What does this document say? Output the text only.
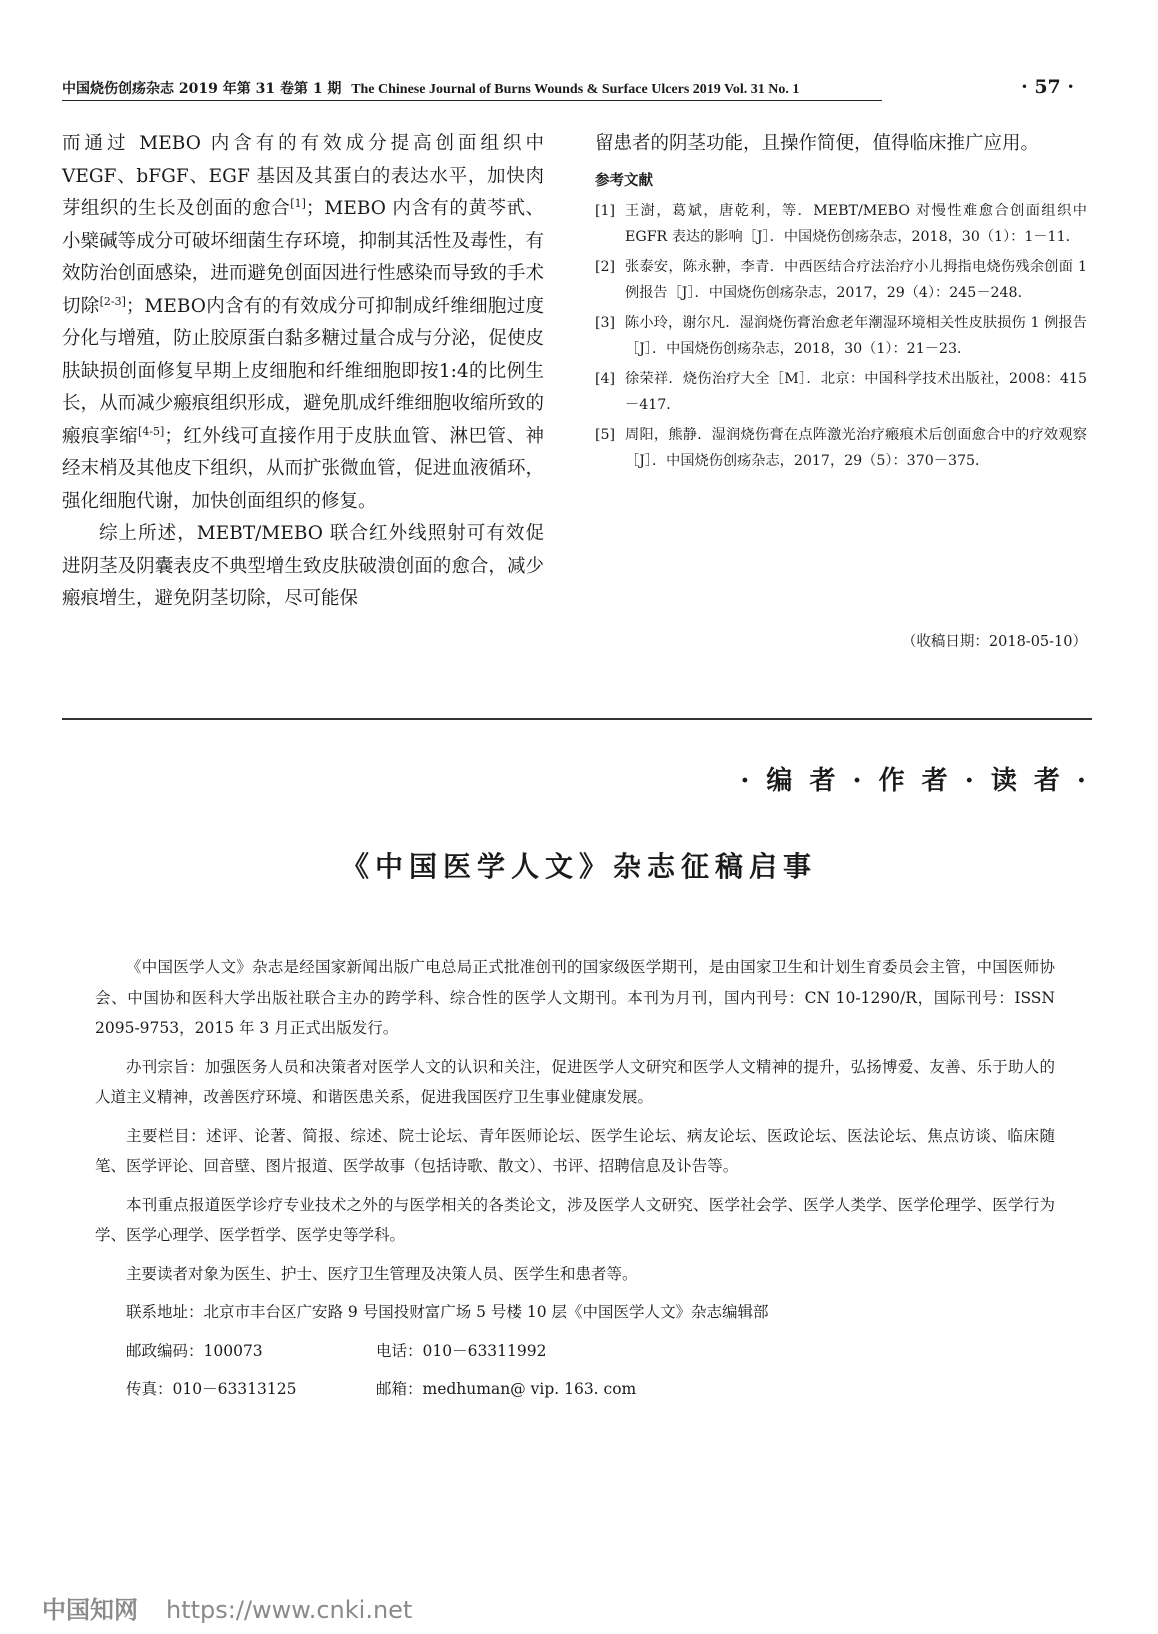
中国烧伤创疡杂志 2019 年第 31 卷第 1 期 The Chinese Journal of Burns Wounds & Surface Ulcers 2019 Vol. 31 No. 1	· 57 ·

而通过 MEBO 内含有的有效成分提高创面组织中 VEGF、bFGF、EGF 基因及其蛋白的表达水平，加快肉芽组织的生长及创面的愈合[1]；MEBO 内含有的黄芩甙、小檗碱等成分可破坏细菌生存环境，抑制其活性及毒性，有效防治创面感染，进而避免创面因进行性感染而导致的手术切除[2-3]；MEBO内含有的有效成分可抑制成纤维细胞过度分化与增殖，防止胶原蛋白黏多糖过量合成与分泌，促使皮肤缺损创面修复早期上皮细胞和纤维细胞即按1:4的比例生长，从而减少瘢痕组织形成，避免肌成纤维细胞收缩所致的瘢痕挛缩[4-5]；红外线可直接作用于皮肤血管、淋巴管、神经末梢及其他皮下组织，从而扩张微血管，促进血液循环，强化细胞代谢，加快创面组织的修复。

综上所述，MEBT/MEBO 联合红外线照射可有效促进阴茎及阴囊表皮不典型增生致皮肤破溃创面的愈合，减少瘢痕增生，避免阴茎切除，尽可能保

留患者的阴茎功能，且操作简便，值得临床推广应用。

参考文献
[1] 王澍，葛斌，唐乾利，等．MEBT/MEBO 对慢性难愈合创面组织中 EGFR 表达的影响［J］．中国烧伤创疡杂志，2018，30（1）：1－11．
[2] 张泰安，陈永翀，李青．中西医结合疗法治疗小儿拇指电烧伤残余创面 1 例报告［J］．中国烧伤创疡杂志，2017，29（4）：245－248．
[3] 陈小玲，谢尔凡．湿润烧伤膏治愈老年潮湿环境相关性皮肤损伤 1 例报告［J］．中国烧伤创疡杂志，2018，30（1）：21－23．
[4] 徐荣祥．烧伤治疗大全［M］．北京：中国科学技术出版社，2008：415－417．
[5] 周阳，熊静．湿润烧伤膏在点阵激光治疗瘢痕术后创面愈合中的疗效观察［J］．中国烧伤创疡杂志，2017，29（5）：370－375．
（收稿日期：2018-05-10）
· 编 者 · 作 者 · 读 者 ·
《中国医学人文》杂志征稿启事

《中国医学人文》杂志是经国家新闻出版广电总局正式批准创刊的国家级医学期刊，是由国家卫生和计划生育委员会主管，中国医师协会、中国协和医科大学出版社联合主办的跨学科、综合性的医学人文期刊。本刊为月刊，国内刊号：CN 10-1290/R，国际刊号：ISSN 2095-9753，2015 年 3 月正式出版发行。

办刊宗旨：加强医务人员和决策者对医学人文的认识和关注，促进医学人文研究和医学人文精神的提升，弘扬博爱、友善、乐于助人的人道主义精神，改善医疗环境、和谐医患关系，促进我国医疗卫生事业健康发展。

主要栏目：述评、论著、简报、综述、院士论坛、青年医师论坛、医学生论坛、病友论坛、医政论坛、医法论坛、焦点访谈、临床随笔、医学评论、回音壁、图片报道、医学故事（包括诗歌、散文）、书评、招聘信息及讣告等。

本刊重点报道医学诊疗专业技术之外的与医学相关的各类论文，涉及医学人文研究、医学社会学、医学人类学、医学伦理学、医学行为学、医学心理学、医学哲学、医学史等学科。

主要读者对象为医生、护士、医疗卫生管理及决策人员、医学生和患者等。

联系地址：北京市丰台区广安路 9 号国投财富广场 5 号楼 10 层《中国医学人文》杂志编辑部

邮政编码：100073	电话：010－63311992
传真：010－63313125	邮箱：medhuman@ vip. 163. com
中国知网 https://www.cnki.net
